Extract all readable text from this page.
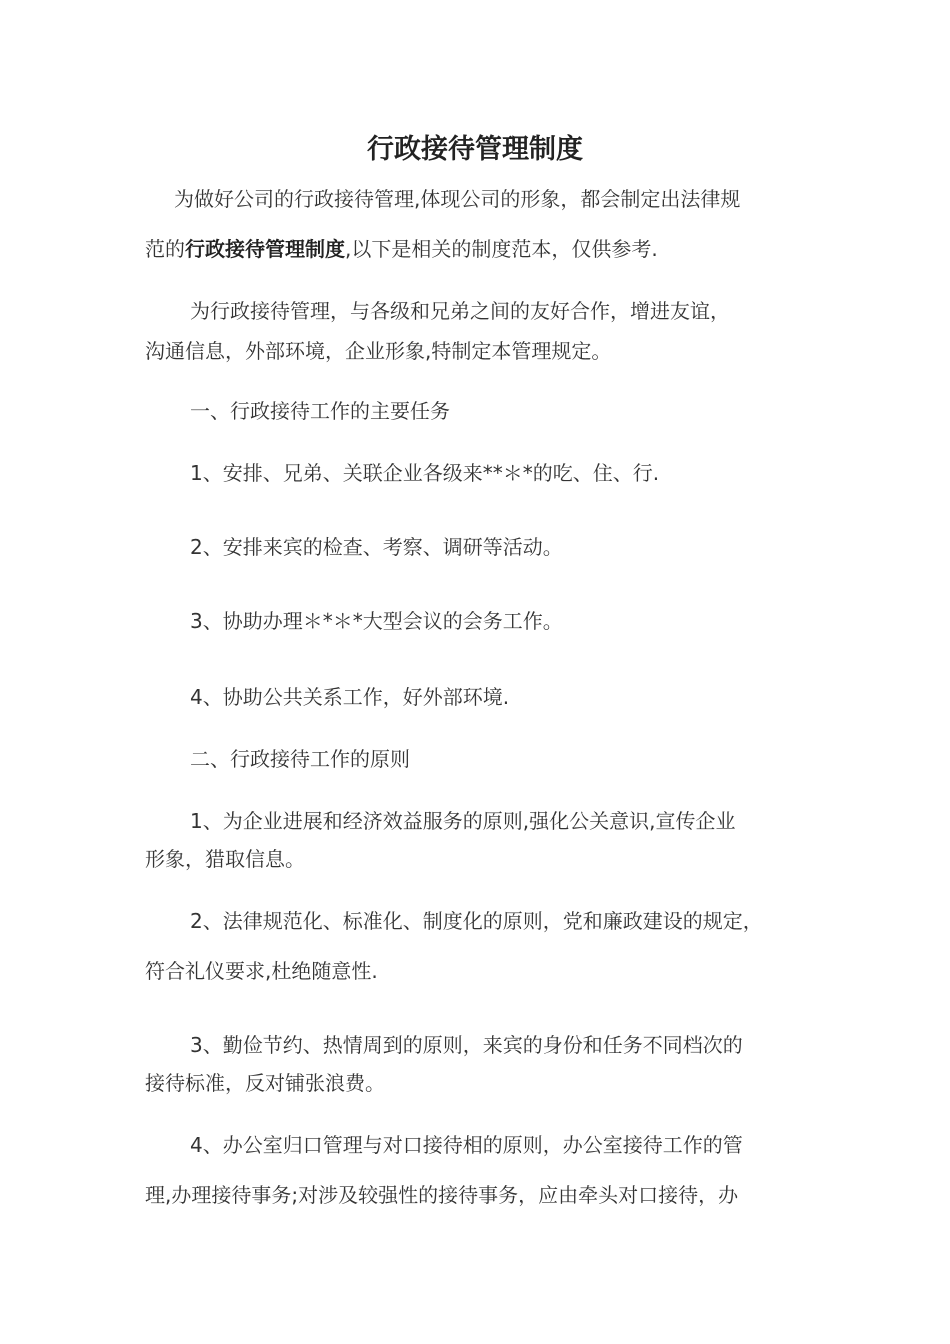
行政接待管理制度
为做好公司的行政接待管理,体现公司的形象，都会制定出法律规
范的行政接待管理制度,以下是相关的制度范本，仅供参考.
为行政接待管理，与各级和兄弟之间的友好合作，增进友谊，
沟通信息，外部环境，企业形象,特制定本管理规定。
一、行政接待工作的主要任务
1、安排、兄弟、关联企业各级来**＊*的吃、住、行.
2、安排来宾的检查、考察、调研等活动。
3、协助办理＊*＊*大型会议的会务工作。
4、协助公共关系工作，好外部环境.
二、行政接待工作的原则
1、为企业进展和经济效益服务的原则,强化公关意识,宣传企业
形象，猎取信息。
2、法律规范化、标准化、制度化的原则，党和廉政建设的规定，
符合礼仪要求,杜绝随意性.
3、勤俭节约、热情周到的原则，来宾的身份和任务不同档次的
接待标准，反对铺张浪费。
4、办公室归口管理与对口接待相的原则，办公室接待工作的管
理,办理接待事务;对涉及较强性的接待事务，应由牵头对口接待，办
